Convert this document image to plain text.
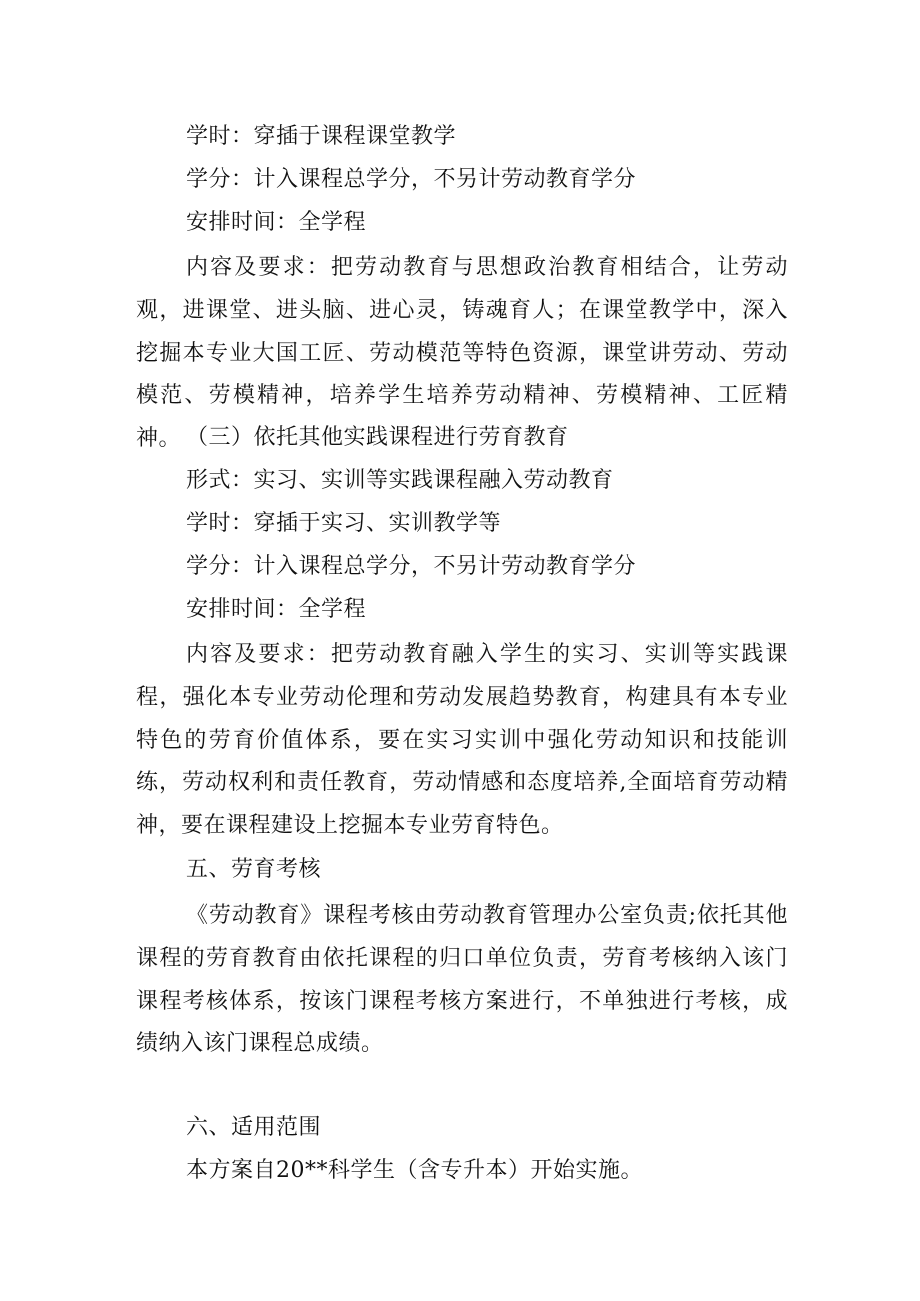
学时：穿插于课程课堂教学
学分：计入课程总学分，不另计劳动教育学分
安排时间：全学程
内容及要求：把劳动教育与思想政治教育相结合，让劳动观，进课堂、进头脑、进心灵，铸魂育人；在课堂教学中，深入挖掘本专业大国工匠、劳动模范等特色资源，课堂讲劳动、劳动模范、劳模精神，培养学生培养劳动精神、劳模精神、工匠精神。 （三）依托其他实践课程进行劳育教育
形式：实习、实训等实践课程融入劳动教育
学时：穿插于实习、实训教学等
学分：计入课程总学分，不另计劳动教育学分
安排时间：全学程
内容及要求：把劳动教育融入学生的实习、实训等实践课程，强化本专业劳动伦理和劳动发展趋势教育，构建具有本专业特色的劳育价值体系，要在实习实训中强化劳动知识和技能训练，劳动权利和责任教育，劳动情感和态度培养,全面培育劳动精神，要在课程建设上挖掘本专业劳育特色。
五、劳育考核
《劳动教育》课程考核由劳动教育管理办公室负责;依托其他课程的劳育教育由依托课程的归口单位负责，劳育考核纳入该门课程考核体系，按该门课程考核方案进行，不单独进行考核，成绩纳入该门课程总成绩。
六、适用范围
本方案自20**科学生（含专升本）开始实施。
